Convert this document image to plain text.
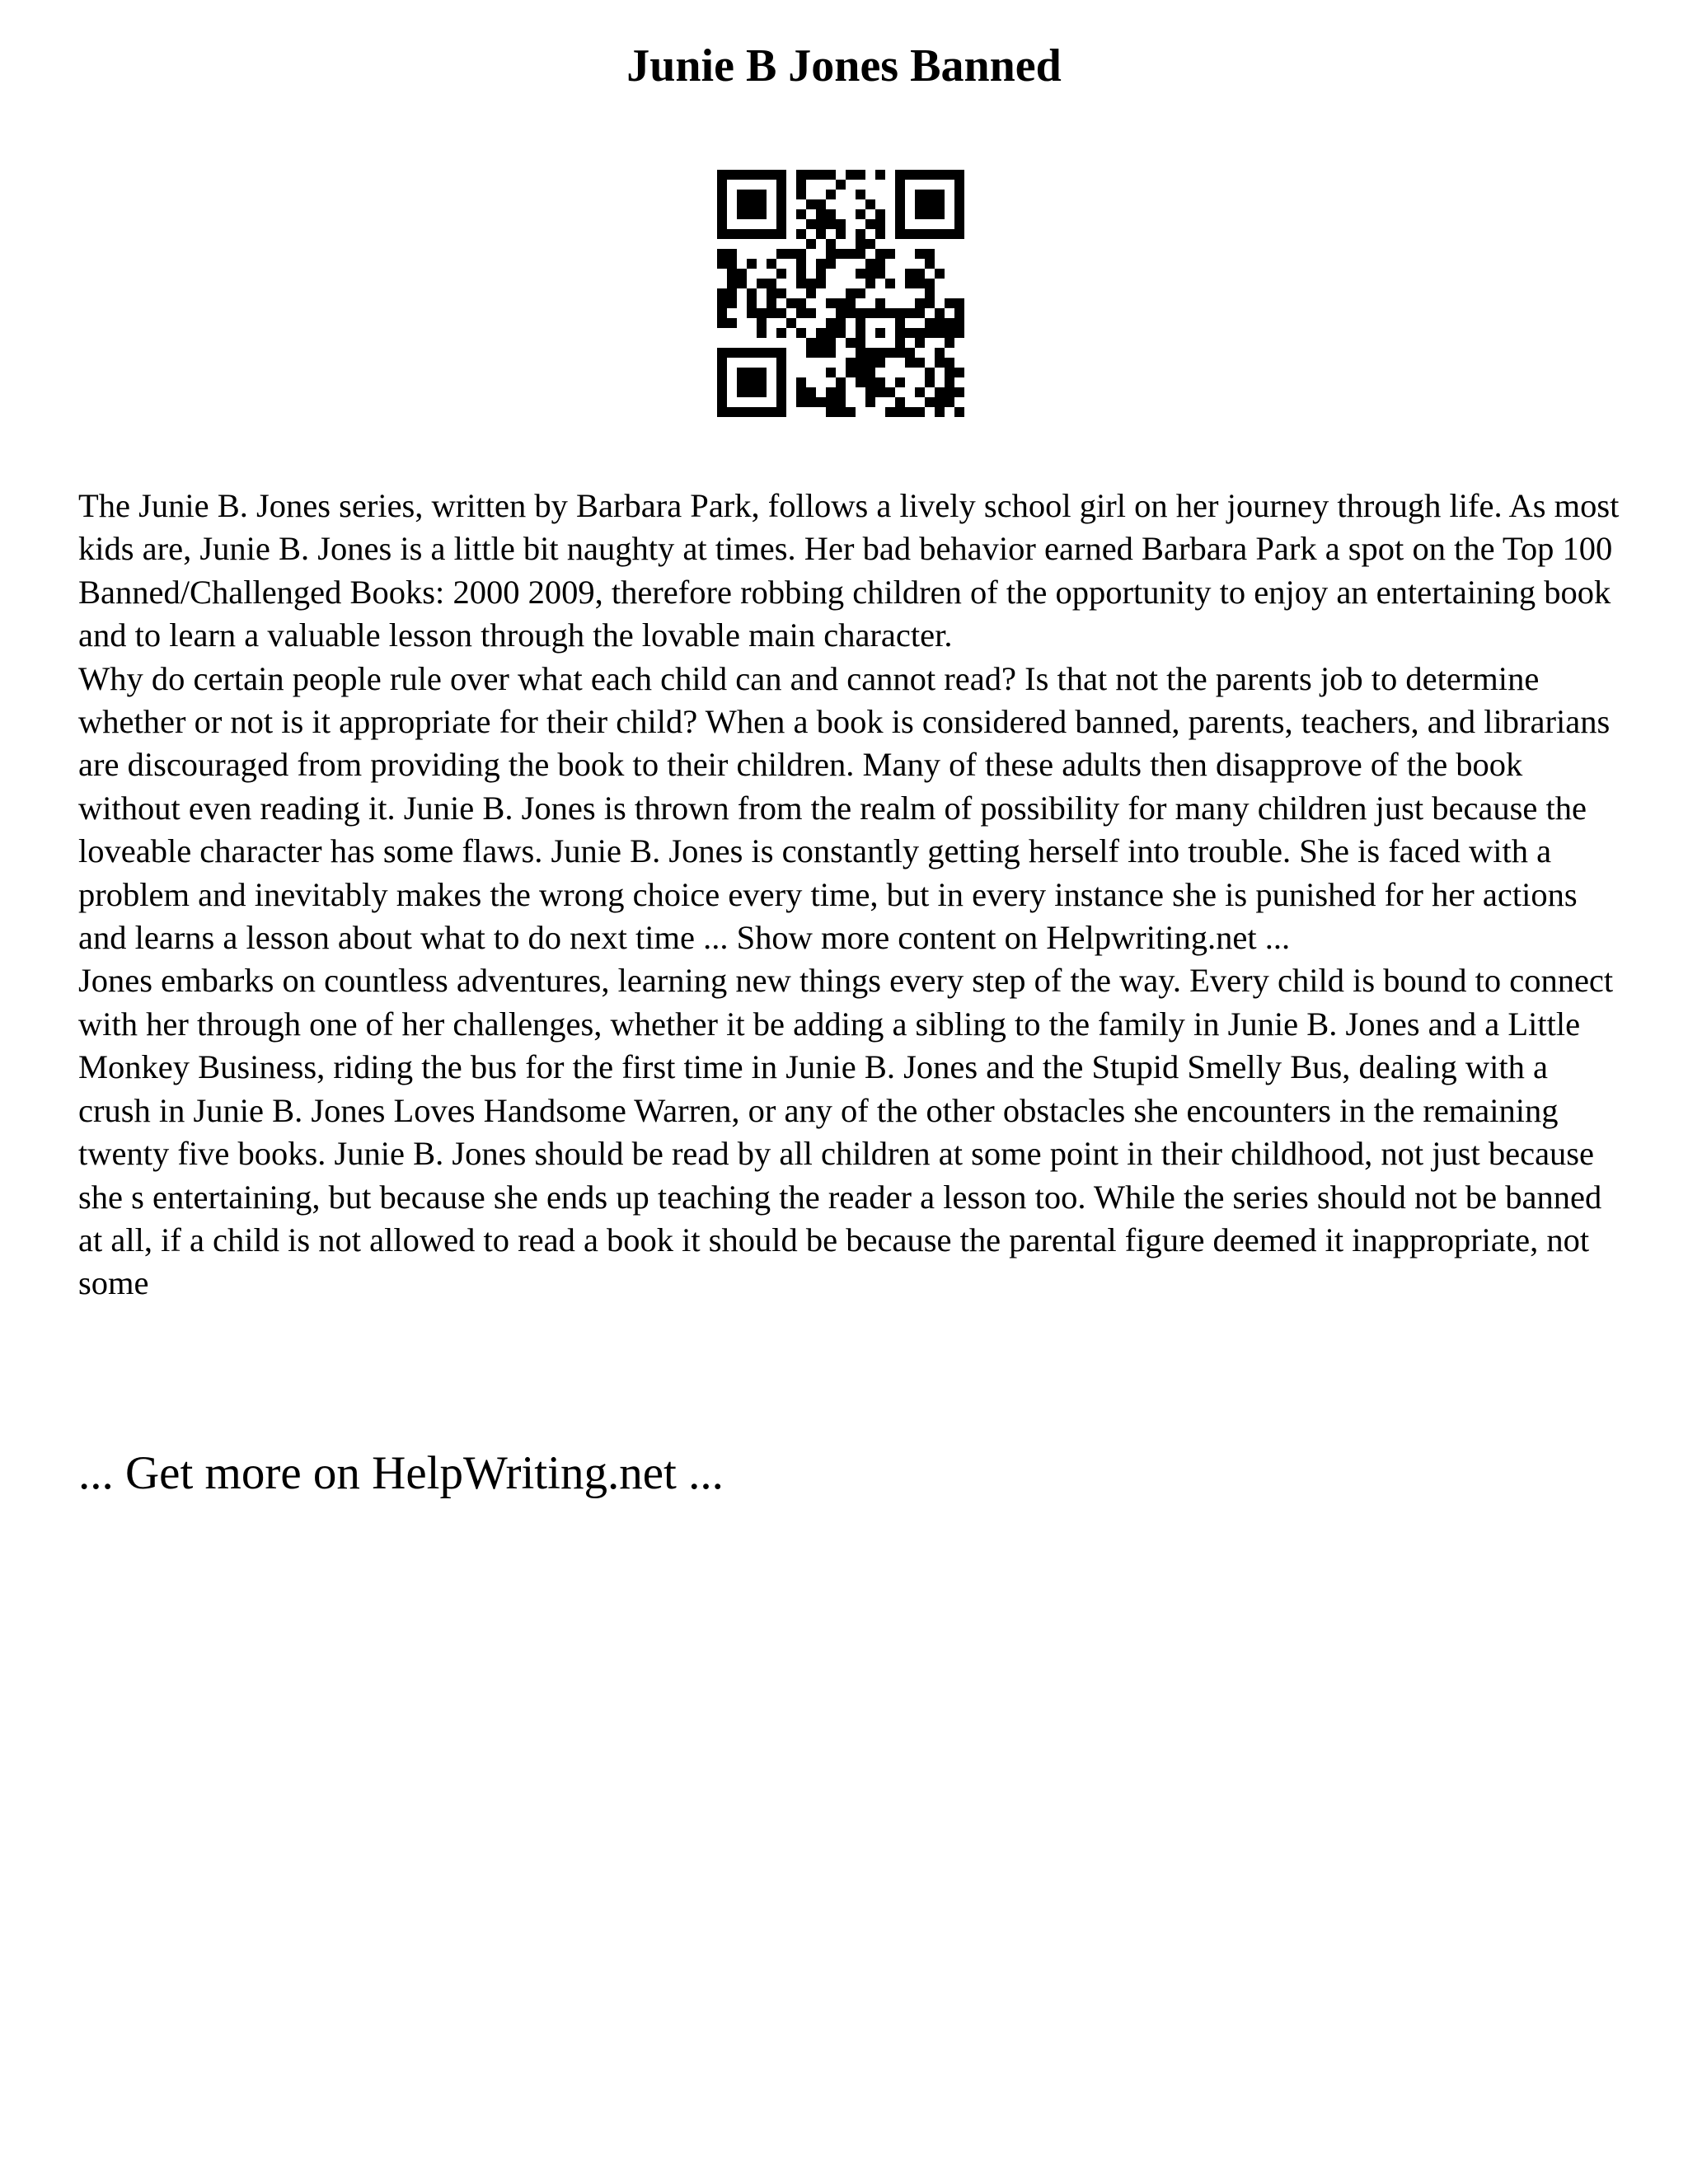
Junie B Jones Banned

The Junie B. Jones series, written by Barbara Park, follows a lively school girl on her journey through life. As most kids are, Junie B. Jones is a little bit naughty at times. Her bad behavior earned Barbara Park a spot on the Top 100 Banned/Challenged Books: 2000 2009, therefore robbing children of the opportunity to enjoy an entertaining book and to learn a valuable lesson through the lovable main character.

Why do certain people rule over what each child can and cannot read? Is that not the parents job to determine whether or not is it appropriate for their child? When a book is considered banned, parents, teachers, and librarians are discouraged from providing the book to their children. Many of these adults then disapprove of the book without even reading it. Junie B. Jones is thrown from the realm of possibility for many children just because the loveable character has some flaws. Junie B. Jones is constantly getting herself into trouble. She is faced with a problem and inevitably makes the wrong choice every time, but in every instance she is punished for her actions and learns a lesson about what to do next time ... Show more content on Helpwriting.net ...

Jones embarks on countless adventures, learning new things every step of the way. Every child is bound to connect with her through one of her challenges, whether it be adding a sibling to the family in Junie B. Jones and a Little Monkey Business, riding the bus for the first time in Junie B. Jones and the Stupid Smelly Bus, dealing with a crush in Junie B. Jones Loves Handsome Warren, or any of the other obstacles she encounters in the remaining twenty five books. Junie B. Jones should be read by all children at some point in their childhood, not just because she s entertaining, but because she ends up teaching the reader a lesson too. While the series should not be banned at all, if a child is not allowed to read a book it should be because the parental figure deemed it inappropriate, not some

... Get more on HelpWriting.net ...
